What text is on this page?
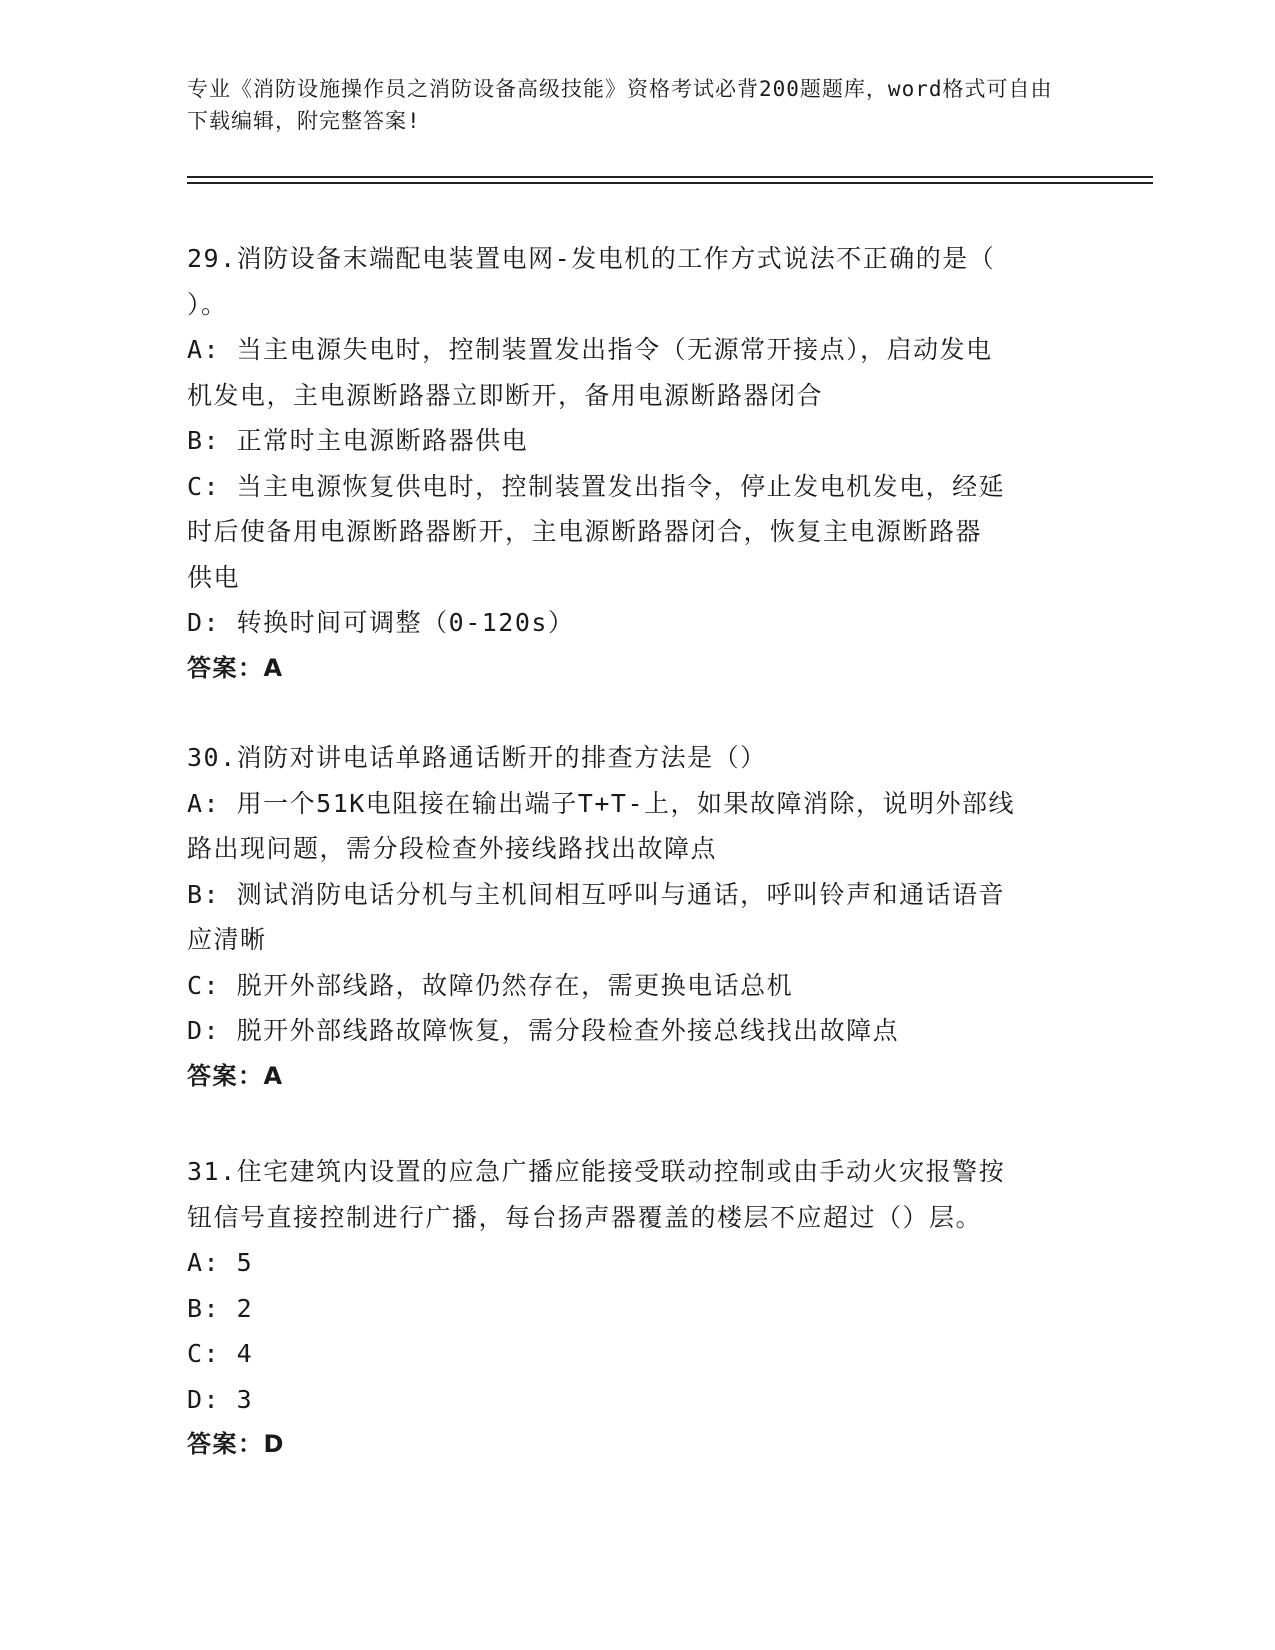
专业《消防设施操作员之消防设备高级技能》资格考试必背200题题库，word格式可自由下载编辑，附完整答案!
29.消防设备末端配电装置电网-发电机的工作方式说法不正确的是（
）。
A: 当主电源失电时，控制装置发出指令（无源常开接点），启动发电
机发电，主电源断路器立即断开，备用电源断路器闭合
B: 正常时主电源断路器供电
C: 当主电源恢复供电时，控制装置发出指令，停止发电机发电，经延
时后使备用电源断路器断开，主电源断路器闭合，恢复主电源断路器
供电
D: 转换时间可调整（0-120s）
答案：A
30.消防对讲电话单路通话断开的排查方法是（）
A: 用一个51K电阻接在输出端子T+T-上，如果故障消除，说明外部线
路出现问题，需分段检查外接线路找出故障点
B: 测试消防电话分机与主机间相互呼叫与通话，呼叫铃声和通话语音
应清晰
C: 脱开外部线路，故障仍然存在，需更换电话总机
D: 脱开外部线路故障恢复，需分段检查外接总线找出故障点
答案：A
31.住宅建筑内设置的应急广播应能接受联动控制或由手动火灾报警按
钮信号直接控制进行广播，每台扬声器覆盖的楼层不应超过（）层。
A: 5
B: 2
C: 4
D: 3
答案：D
